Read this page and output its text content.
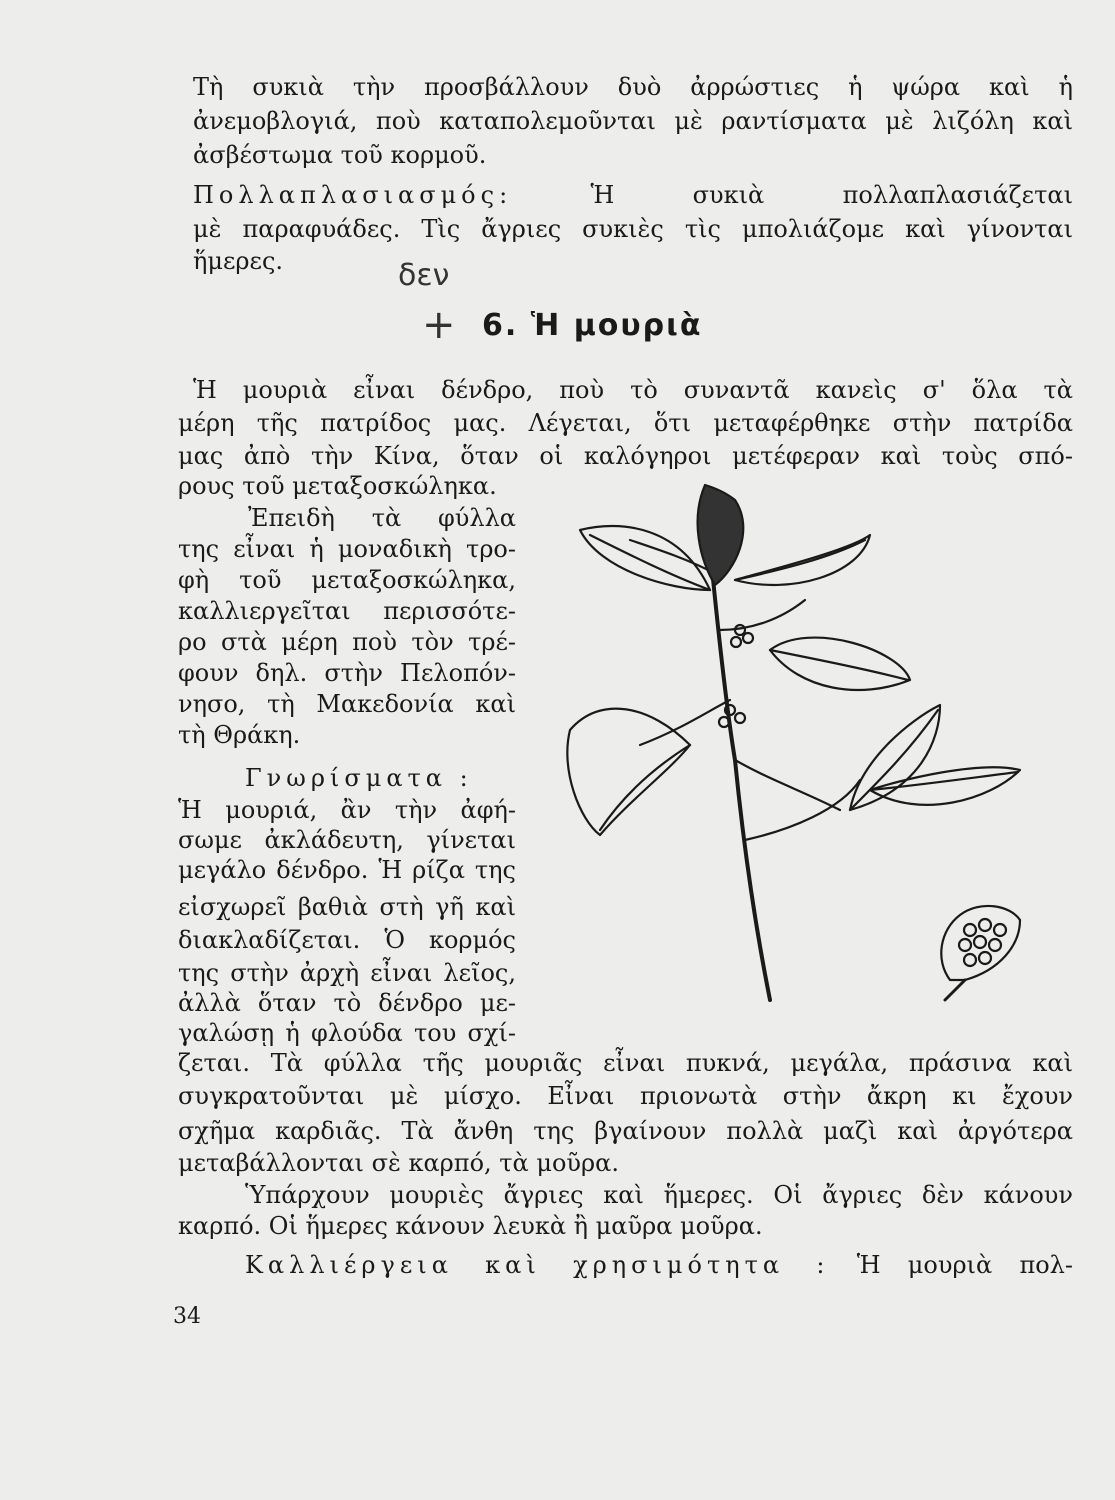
Τὴ συκιὰ τὴν προσβάλλουν δυὸ ἀρρώστιες ἡ ψώρα καὶ ἡ
ἀνεμοβλογιά, ποὺ καταπολεμοῦνται μὲ ραντίσματα μὲ λιζόλη καὶ
ἀσβέστωμα τοῦ κορμοῦ.
Πολλαπλασιασμός:	Ἡ συκιὰ πολλαπλασιάζεται
μὲ παραφυάδες. Τὶς ἄγριες συκιὲς τὶς μπολιάζομε καὶ γίνονται
ἥμερες.	δεν
+ 6. Ἡ μουριὰ
Ἡ μουριὰ εἶναι δένδρο, ποὺ τὸ συναντᾶ κανεὶς σ' ὅλα τὰ
μέρη τῆς πατρίδος μας. Λέγεται, ὅτι μεταφέρθηκε στὴν πατρίδα
μας ἀπὸ τὴν Κίνα, ὅταν οἱ καλόγηροι μετέφεραν καὶ τοὺς σπό-
ρους τοῦ μεταξοσκώληκα.
Ἐπειδὴ τὰ φύλλα
της εἶναι ἡ μοναδικὴ τρο-
φὴ τοῦ μεταξοσκώληκα,
καλλιεργεῖται περισσότε-
ρο στὰ μέρη ποὺ τὸν τρέ-
φουν δηλ. στὴν Πελοπόν-
νησο, τὴ Μακεδονία καὶ
τὴ Θράκη.
Γνωρίσματα :
Ἡ μουριά, ἂν τὴν ἀφή-
σωμε ἀκλάδευτη, γίνεται
μεγάλο δένδρο. Ἡ ρίζα της
εἰσχωρεῖ βαθιὰ στὴ γῆ καὶ
διακλαδίζεται. Ὁ κορμός
της στὴν ἀρχὴ εἶναι λεῖος,
ἀλλὰ ὅταν τὸ δένδρο με-
γαλώσῃ ἡ φλούδα του σχί-
ζεται. Τὰ φύλλα τῆς μουριᾶς εἶναι πυκνά, μεγάλα, πράσινα καὶ
συγκρατοῦνται μὲ μίσχο. Εἶναι πριονωτὰ στὴν ἄκρη κι ἔχουν
σχῆμα καρδιᾶς. Τὰ ἄνθη της βγαίνουν πολλὰ μαζὶ καὶ ἀργότερα
μεταβάλλονται σὲ καρπό, τὰ μοῦρα.
Ὑπάρχουν μουριὲς ἄγριες καὶ ἥμερες. Οἱ ἄγριες δὲν κάνουν
καρπό. Οἱ ἥμερες κάνουν λευκὰ ἢ μαῦρα μοῦρα.
Καλλιέργεια καὶ χρησιμότητα : Ἡ μουριὰ πολ-
34
